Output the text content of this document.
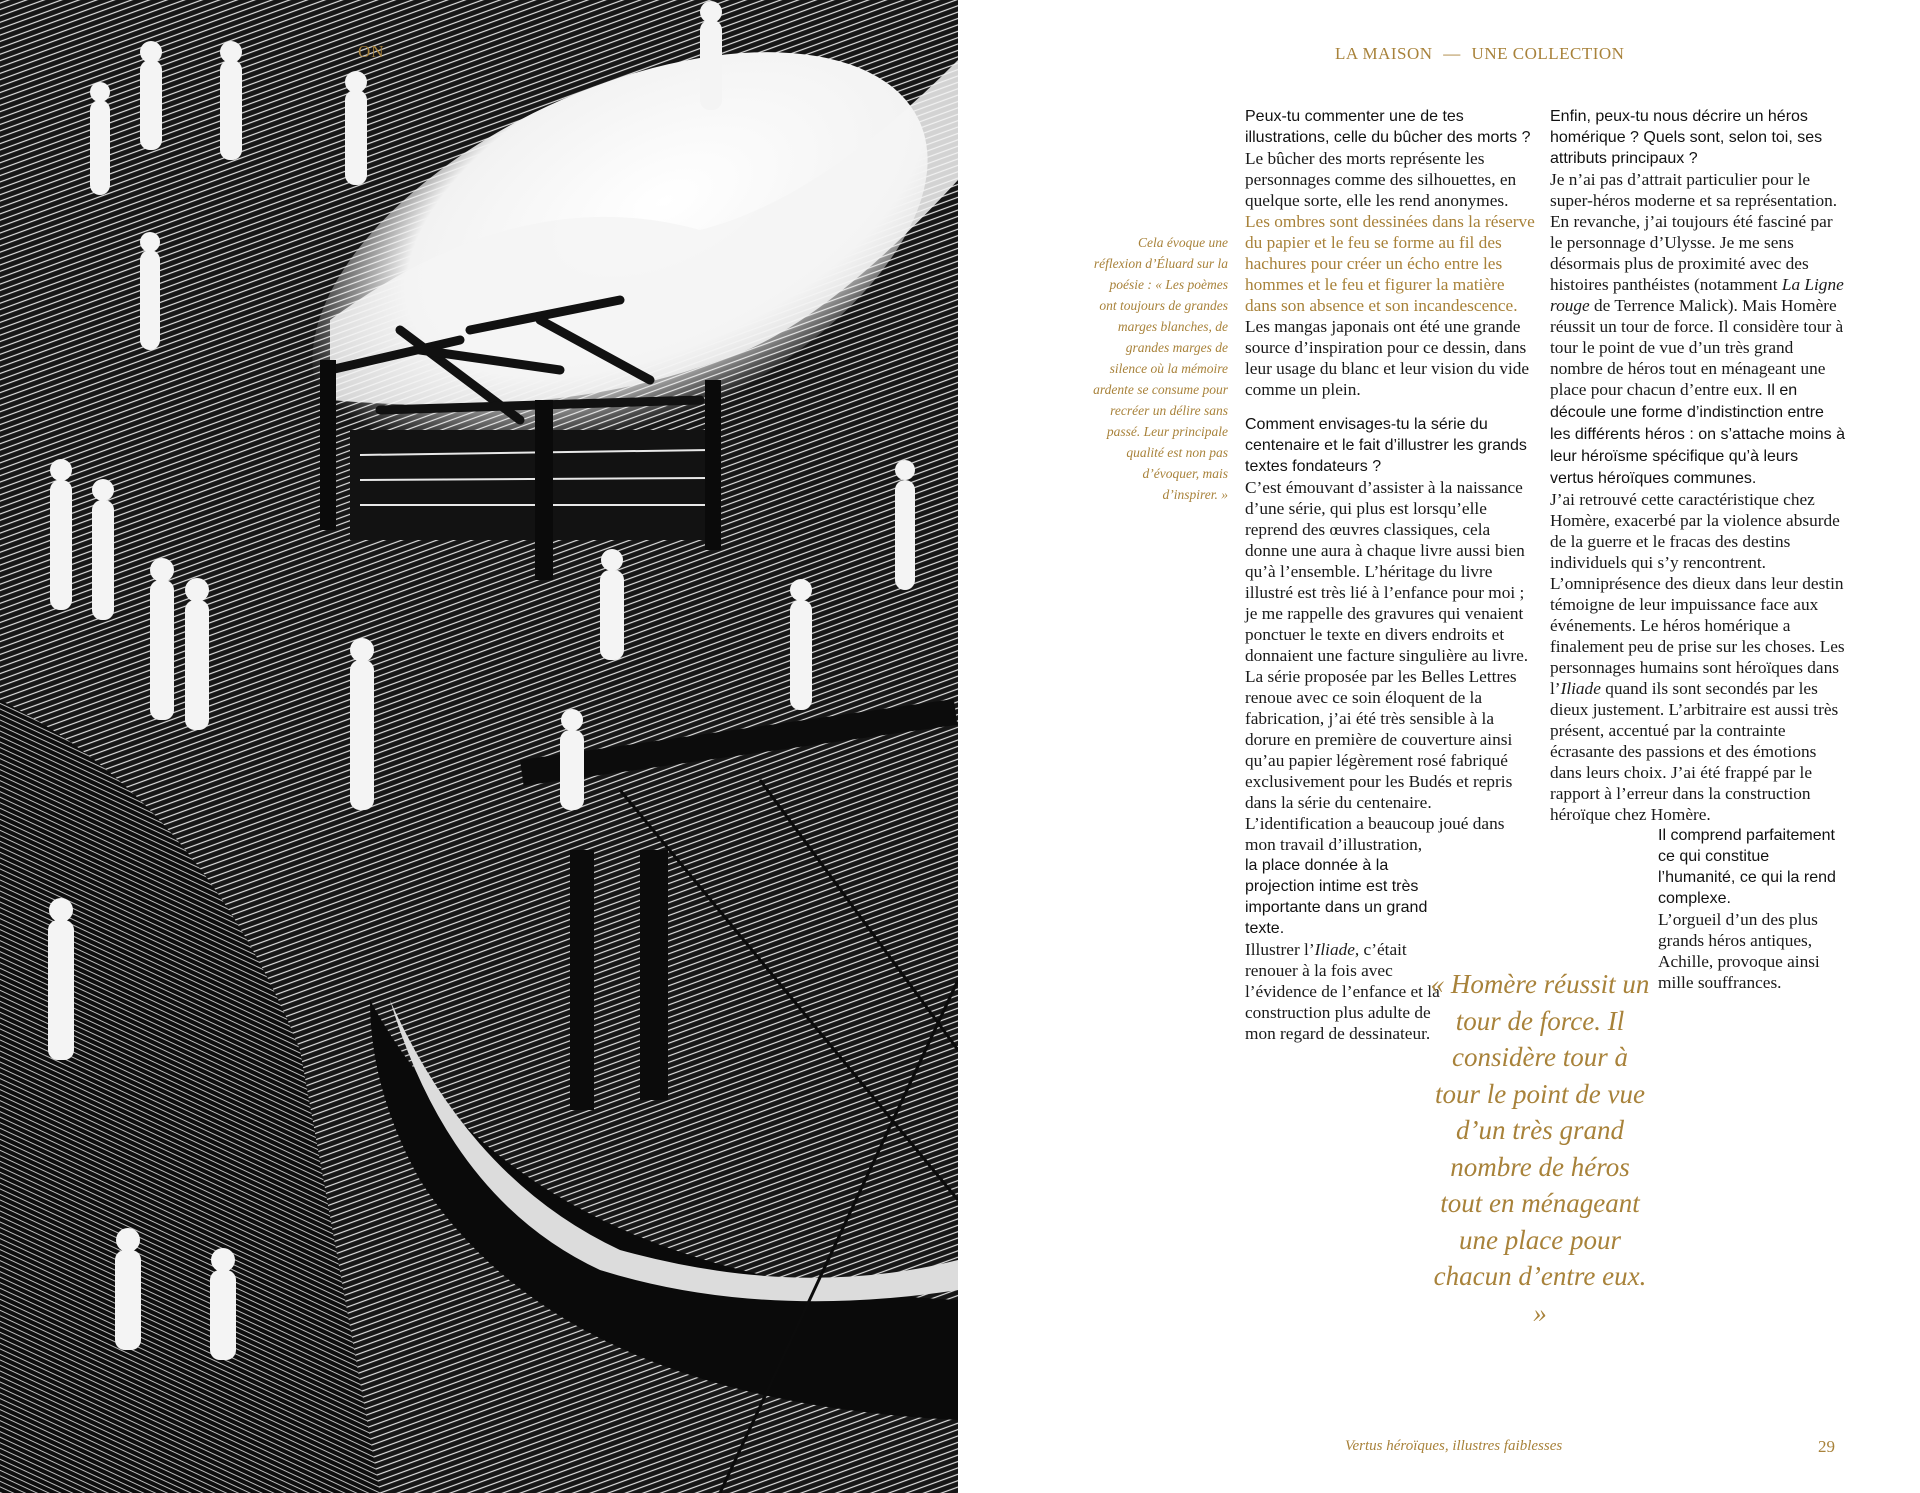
ON	LA MAISON — UNE COLLECTION
Cela évoque une réflexion d’Éluard sur la poésie : « Les poèmes ont toujours de grandes marges blanches, de grandes marges de silence où la mémoire ardente se consume pour recréer un délire sans passé. Leur principale qualité est non pas d’évoquer, mais d’inspirer. »

Peux-tu commenter une de tes illustrations, celle du bûcher des morts ?

Le bûcher des morts représente les personnages comme des silhouettes, en quelque sorte, elle les rend anonymes. Les ombres sont dessinées dans la réserve du papier et le feu se forme au fil des hachures pour créer un écho entre les hommes et le feu et figurer la matière dans son absence et son incandescence. Les mangas japonais ont été une grande source d’inspiration pour ce dessin, dans leur usage du blanc et leur vision du vide comme un plein.

Comment envisages-tu la série du centenaire et le fait d’illustrer les grands textes fondateurs ?

C’est émouvant d’assister à la naissance d’une série, qui plus est lorsqu’elle reprend des œuvres classiques, cela donne une aura à chaque livre aussi bien qu’à l’ensemble. L’héritage du livre illustré est très lié à l’enfance pour moi ; je me rappelle des gravures qui venaient ponctuer le texte en divers endroits et donnaient une facture singulière au livre. La série proposée par les Belles Lettres renoue avec ce soin éloquent de la fabrication, j’ai été très sensible à la dorure en première de couverture ainsi qu’au papier légèrement rosé fabriqué exclusivement pour les Budés et repris dans la série du centenaire. L’identification a beaucoup joué dans mon travail d’illustration,

la place donnée à la projection intime est très importante dans un grand texte.

Illustrer l’Iliade, c’était renouer à la fois avec l’évidence de l’enfance et la construction plus adulte de mon regard de dessinateur.

Enfin, peux-tu nous décrire un héros homérique ? Quels sont, selon toi, ses attributs principaux ?

Je n’ai pas d’attrait particulier pour le super-héros moderne et sa représentation. En revanche, j’ai toujours été fasciné par le personnage d’Ulysse. Je me sens désormais plus de proximité avec des histoires panthéistes (notamment La Ligne rouge de Terrence Malick). Mais Homère réussit un tour de force. Il considère tour à tour le point de vue d’un très grand nombre de héros tout en ménageant une place pour chacun d’entre eux. Il en découle une forme d’indistinction entre les différents héros : on s’attache moins à leur héroïsme spécifique qu’à leurs vertus héroïques communes.

J’ai retrouvé cette caractéristique chez Homère, exacerbé par la violence absurde de la guerre et le fracas des destins individuels qui s’y rencontrent. L’omniprésence des dieux dans leur destin témoigne de leur impuissance face aux événements. Le héros homérique a finalement peu de prise sur les choses. Les personnages humains sont héroïques dans l’Iliade quand ils sont secondés par les dieux justement. L’arbitraire est aussi très présent, accentué par la contrainte écrasante des passions et des émotions dans leurs choix. J’ai été frappé par le rapport à l’erreur dans la construction héroïque chez Homère.

Il comprend parfaitement ce qui constitue l’humanité, ce qui la rend complexe.

L’orgueil d’un des plus grands héros antiques, Achille, provoque ainsi mille souffrances.

« Homère réussit un tour de force. Il considère tour à tour le point de vue d’un très grand nombre de héros tout en ménageant une place pour chacun d’entre eux. »
Vertus héroïques, illustres faiblesses	29
